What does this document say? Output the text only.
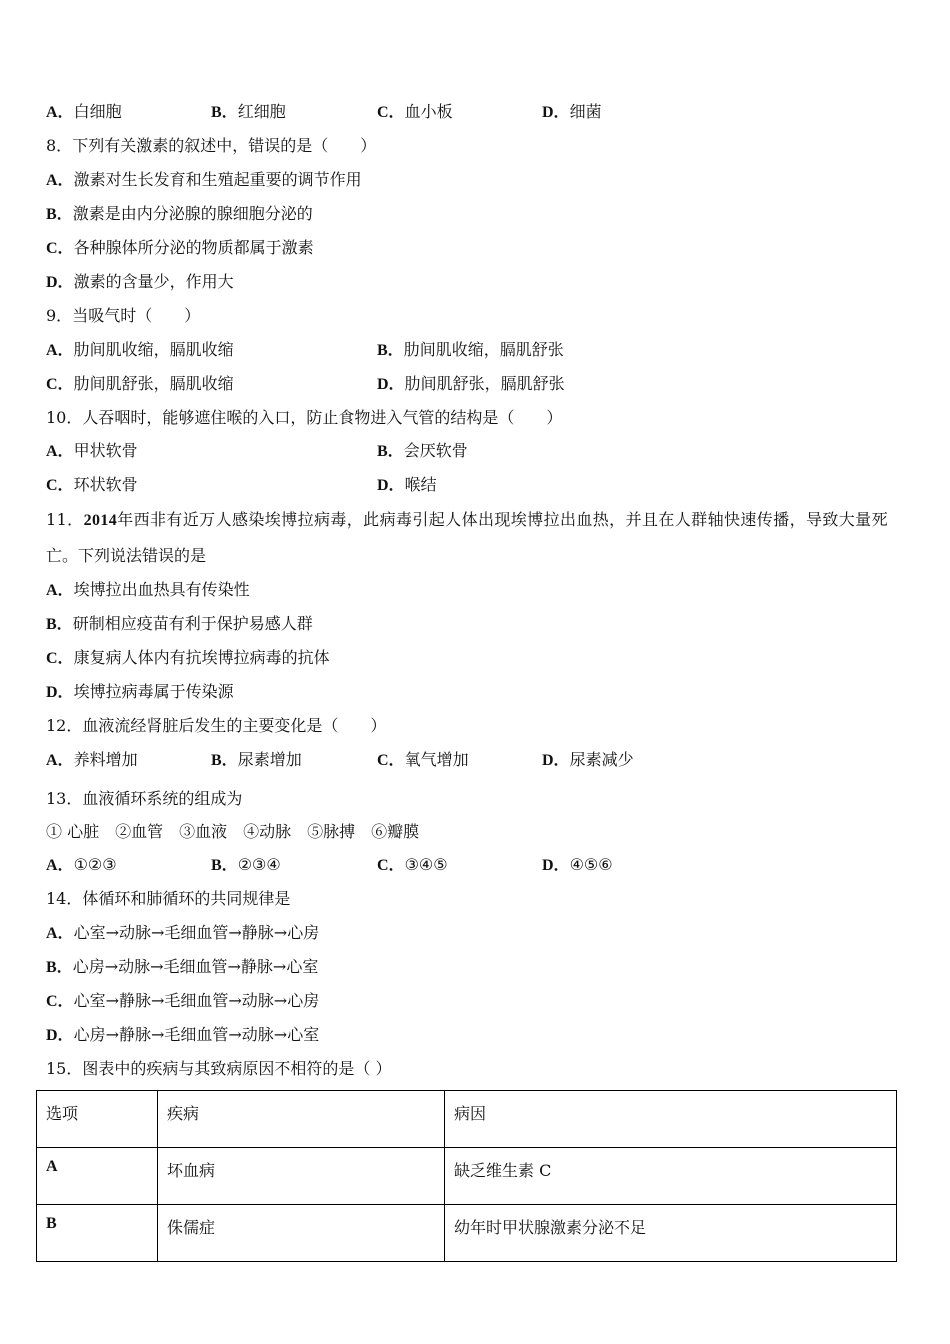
A．白细胞	B．红细胞	C．血小板	D．细菌
8．下列有关激素的叙述中，错误的是（　　）
A．激素对生长发育和生殖起重要的调节作用
B．激素是由内分泌腺的腺细胞分泌的
C．各种腺体所分泌的物质都属于激素
D．激素的含量少，作用大
9．当吸气时（　　）
A．肋间肌收缩，膈肌收缩	B．肋间肌收缩，膈肌舒张
C．肋间肌舒张，膈肌收缩	D．肋间肌舒张，膈肌舒张
10．人吞咽时，能够遮住喉的入口，防止食物进入气管的结构是（　　）
A．甲状软骨	B．会厌软骨
C．环状软骨	D．喉结
11．2014年西非有近万人感染埃博拉病毒，此病毒引起人体出现埃博拉出血热，并且在人群轴快速传播，导致大量死
亡。下列说法错误的是
A．埃博拉出血热具有传染性
B．研制相应疫苗有利于保护易感人群
C．康复病人体内有抗埃博拉病毒的抗体
D．埃博拉病毒属于传染源
12．血液流经肾脏后发生的主要变化是（　　）
A．养料增加	B．尿素增加	C．氧气增加	D．尿素减少
13．血液循环系统的组成为
① 心脏　②血管　③血液　④动脉　⑤脉搏　⑥瓣膜
A．①②③	B．②③④	C．③④⑤	D．④⑤⑥
14．体循环和肺循环的共同规律是
A．心室→动脉→毛细血管→静脉→心房
B．心房→动脉→毛细血管→静脉→心室
C．心室→静脉→毛细血管→动脉→心房
D．心房→静脉→毛细血管→动脉→心室
15．图表中的疾病与其致病原因不相符的是（ ）
选项	疾病	病因
A	坏血病	缺乏维生素 C
B	侏儒症	幼年时甲状腺激素分泌不足
